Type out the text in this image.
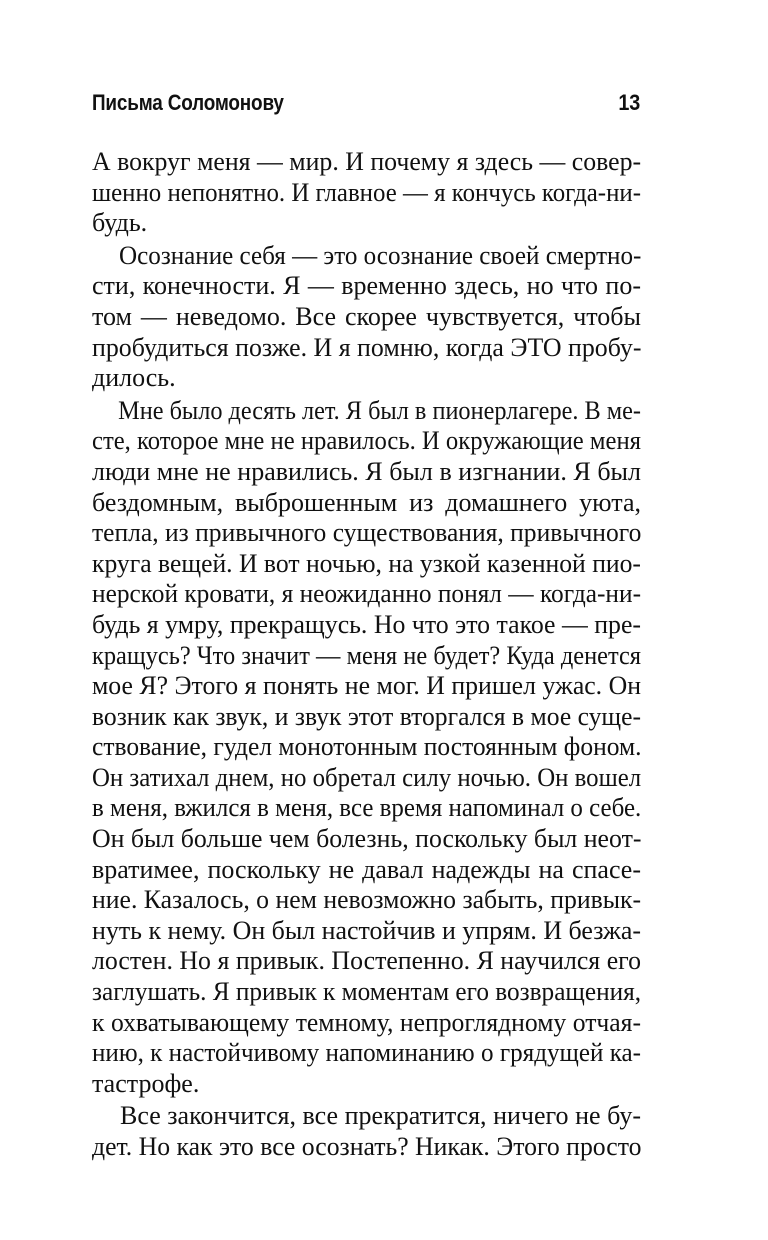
Письма Соломонову	13
А вокруг меня — мир. И почему я здесь — совер-
шенно непонятно. И главное — я кончусь когда-ни-
будь.
Осознание себя — это осознание своей смертно-
сти, конечности. Я — временно здесь, но что по-
том — неведомо. Все скорее чувствуется, чтобы
пробудиться позже. И я помню, когда ЭТО пробу-
дилось.
Мне было десять лет. Я был в пионерлагере. В ме-
сте, которое мне не нравилось. И окружающие меня
люди мне не нравились. Я был в изгнании. Я был
бездомным, выброшенным из домашнего уюта,
тепла, из привычного существования, привычного
круга вещей. И вот ночью, на узкой казенной пио-
нерской кровати, я неожиданно понял — когда-ни-
будь я умру, прекращусь. Но что это такое — пре-
кращусь? Что значит — меня не будет? Куда денется
мое Я? Этого я понять не мог. И пришел ужас. Он
возник как звук, и звук этот вторгался в мое суще-
ствование, гудел монотонным постоянным фоном.
Он затихал днем, но обретал силу ночью. Он вошел
в меня, вжился в меня, все время напоминал о себе.
Он был больше чем болезнь, поскольку был неот-
вратимее, поскольку не давал надежды на спасе-
ние. Казалось, о нем невозможно забыть, привык-
нуть к нему. Он был настойчив и упрям. И безжа-
лостен. Но я привык. Постепенно. Я научился его
заглушать. Я привык к моментам его возвращения,
к охватывающему темному, непроглядному отчая-
нию, к настойчивому напоминанию о грядущей ка-
тастрофе.
Все закончится, все прекратится, ничего не бу-
дет. Но как это все осознать? Никак. Этого просто
